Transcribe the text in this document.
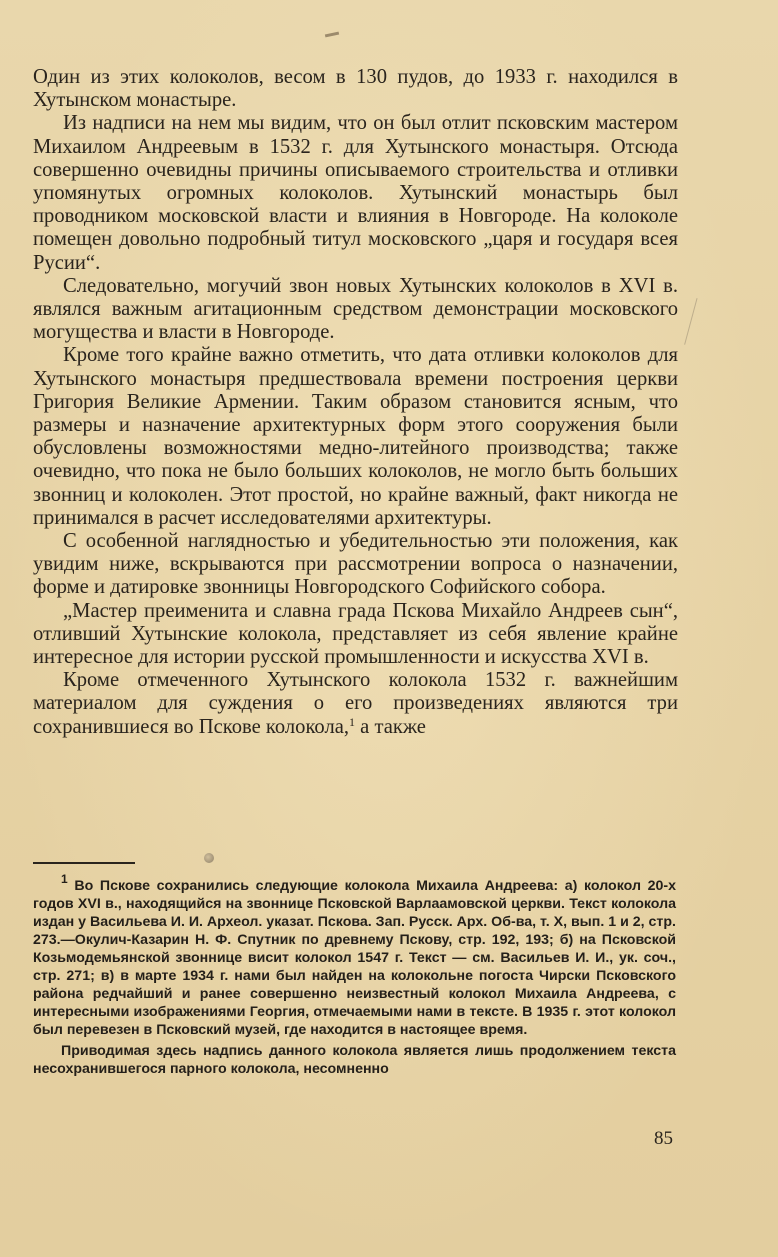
Один из этих колоколов, весом в 130 пудов, до 1933 г. находился в Хутынском монастыре.

Из надписи на нем мы видим, что он был отлит псковским мастером Михаилом Андреевым в 1532 г. для Хутынского монастыря. Отсюда совершенно очевидны причины описываемого строительства и отливки упомянутых огромных колоколов. Хутынский монастырь был проводником московской власти и влияния в Новгороде. На колоколе помещен довольно подробный титул московского „царя и государя всея Русии“.

Следовательно, могучий звон новых Хутынских колоколов в XVI в. являлся важным агитационным средством демонстрации московского могущества и власти в Новгороде.

Кроме того крайне важно отметить, что дата отливки колоколов для Хутынского монастыря предшествовала времени построения церкви Григория Великие Армении. Таким образом становится ясным, что размеры и назначение архитектурных форм этого сооружения были обусловлены возможностями медно-литейного производства; также очевидно, что пока не было больших колоколов, не могло быть больших звонниц и колоколен. Этот простой, но крайне важный, факт никогда не принимался в расчет исследователями архитектуры.

С особенной наглядностью и убедительностью эти положения, как увидим ниже, вскрываются при рассмотрении вопроса о назначении, форме и датировке звонницы Новгородского Софийского собора.

„Мастер преименита и славна града Пскова Михайло Андреев сын“, отливший Хутынские колокола, представляет из себя явление крайне интересное для истории русской промышленности и искусства XVI в.

Кроме отмеченного Хутынского колокола 1532 г. важнейшим материалом для суждения о его произведениях являются три сохранившиеся во Пскове колокола,$^1$ а также

$^1$ Во Пскове сохранились следующие колокола Михаила Андреева: а) колокол 20-х годов XVI в., находящийся на звоннице Псковской Варлаамовской церкви. Текст колокола издан у Васильева И. И. Археол. указат. Пскова. Зап. Русск. Арх. Об-ва, т. X, вып. 1 и 2, стр. 273.—Окулич-Казарин Н. Ф. Спутник по древнему Пскову, стр. 192, 193; б) на Псковской Козьмодемьянской звоннице висит колокол 1547 г. Текст — см. Васильев И. И., ук. соч., стр. 271; в) в марте 1934 г. нами был найден на колокольне погоста Чирски Псковского района редчайший и ранее совершенно неизвестный колокол Михаила Андреева, с интересными изображениями Георгия, отмечаемыми нами в тексте. В 1935 г. этот колокол был перевезен в Псковский музей, где находится в настоящее время.

Приводимая здесь надпись данного колокола является лишь продолжением текста несохранившегося парного колокола, несомненно

85
